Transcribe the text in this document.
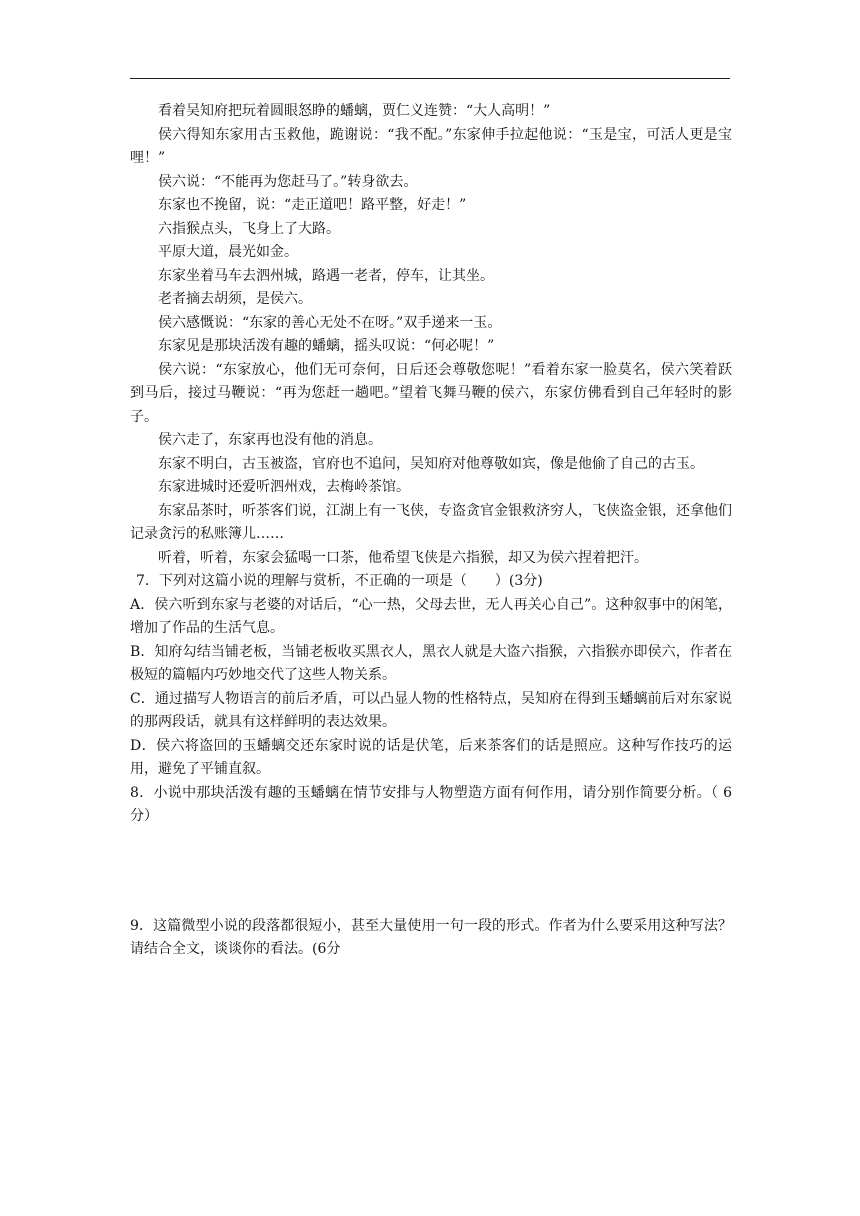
看着吴知府把玩着圆眼怒睁的蟠螭，贾仁义连赞：“大人高明！”

侯六得知东家用古玉救他，跪谢说：“我不配。”东家伸手拉起他说：“玉是宝，可活人更是宝哩！”

侯六说：“不能再为您赶马了。”转身欲去。

东家也不挽留，说：“走正道吧！路平整，好走！”

六指猴点头，飞身上了大路。

平原大道，晨光如金。

东家坐着马车去泗州城，路遇一老者，停车，让其坐。

老者摘去胡须，是侯六。

侯六感慨说：“东家的善心无处不在呀。”双手递来一玉。

东家见是那块活泼有趣的蟠螭，摇头叹说：“何必呢！”

侯六说：“东家放心，他们无可奈何，日后还会尊敬您呢！”看着东家一脸莫名，侯六笑着跃到马后，接过马鞭说：“再为您赶一趟吧。”望着飞舞马鞭的侯六，东家仿佛看到自己年轻时的影子。

侯六走了，东家再也没有他的消息。

东家不明白，古玉被盗，官府也不追问，吴知府对他尊敬如宾，像是他偷了自己的古玉。

东家进城时还爱听泗州戏，去梅岭茶馆。

东家品茶时，听茶客们说，江湖上有一飞侠，专盗贪官金银救济穷人，飞侠盗金银，还拿他们记录贪污的私账簿儿……

听着，听着，东家会猛喝一口茶，他希望飞侠是六指猴，却又为侯六捏着把汗。

7．下列对这篇小说的理解与赏析，不正确的一项是（　　）(3分)

A．侯六听到东家与老婆的对话后，“心一热，父母去世，无人再关心自己”。这种叙事中的闲笔，增加了作品的生活气息。

B．知府勾结当铺老板，当铺老板收买黑衣人，黑衣人就是大盗六指猴，六指猴亦即侯六，作者在极短的篇幅内巧妙地交代了这些人物关系。

C．通过描写人物语言的前后矛盾，可以凸显人物的性格特点，吴知府在得到玉蟠螭前后对东家说的那两段话，就具有这样鲜明的表达效果。

D．侯六将盗回的玉蟠螭交还东家时说的话是伏笔，后来茶客们的话是照应。这种写作技巧的运用，避免了平铺直叙。

8．小说中那块活泼有趣的玉蟠螭在情节安排与人物塑造方面有何作用，请分别作简要分析。（ 6分）

9．这篇微型小说的段落都很短小，甚至大量使用一句一段的形式。作者为什么要采用这种写法？请结合全文，谈谈你的看法。(6分
